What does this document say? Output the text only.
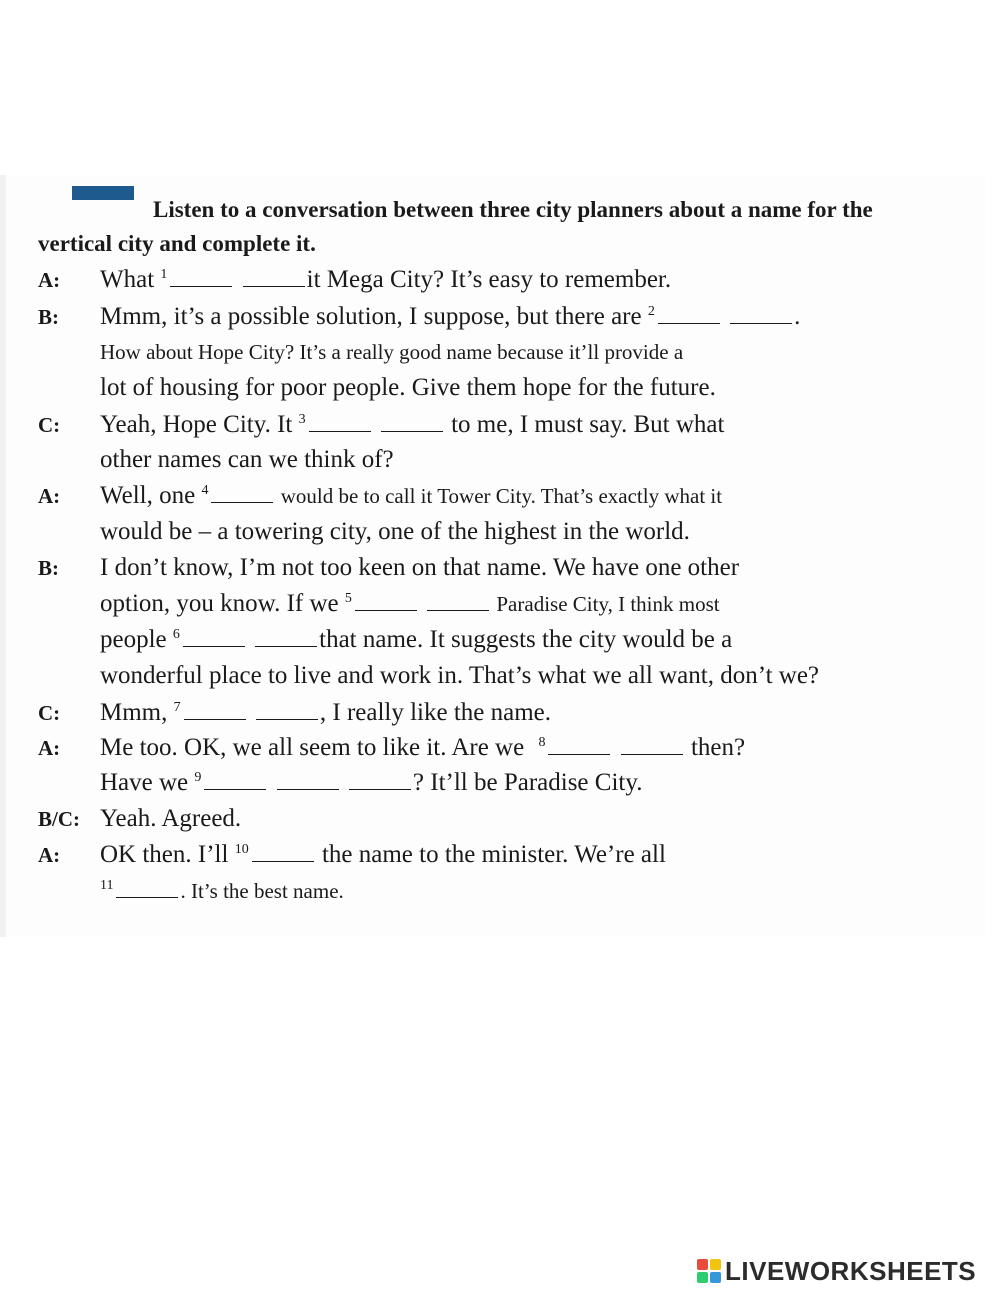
Listen to a conversation between three city planners about a name for the vertical city and complete it.

A: What $^1$	it Mega City? It’s easy to remember.
B: Mmm, it’s a possible solution, I suppose, but there are $^2$	.
How about Hope City? It’s a really good name because it’ll provide a
lot of housing for poor people. Give them hope for the future.
C: Yeah, Hope City. It $^3$	to me, I must say. But what
other names can we think of?
A: Well, one $^4$	would be to call it Tower City. That’s exactly what it
would be – a towering city, one of the highest in the world.
B: I don’t know, I’m not too keen on that name. We have one other
option, you know. If we $^5$	Paradise City, I think most
people $^6$	that name. It suggests the city would be a
wonderful place to live and work in. That’s what we all want, don’t we?
C: Mmm, $^7$	, I really like the name.
A: Me too. OK, we all seem to like it. Are we $^8$	then?
Have we $^9$	? It’ll be Paradise City.
B/C: Yeah. Agreed.
A: OK then. I’ll $^{10}$	the name to the minister. We’re all
$^{11}$	. It’s the best name.
LIVEWORKSHEETS
